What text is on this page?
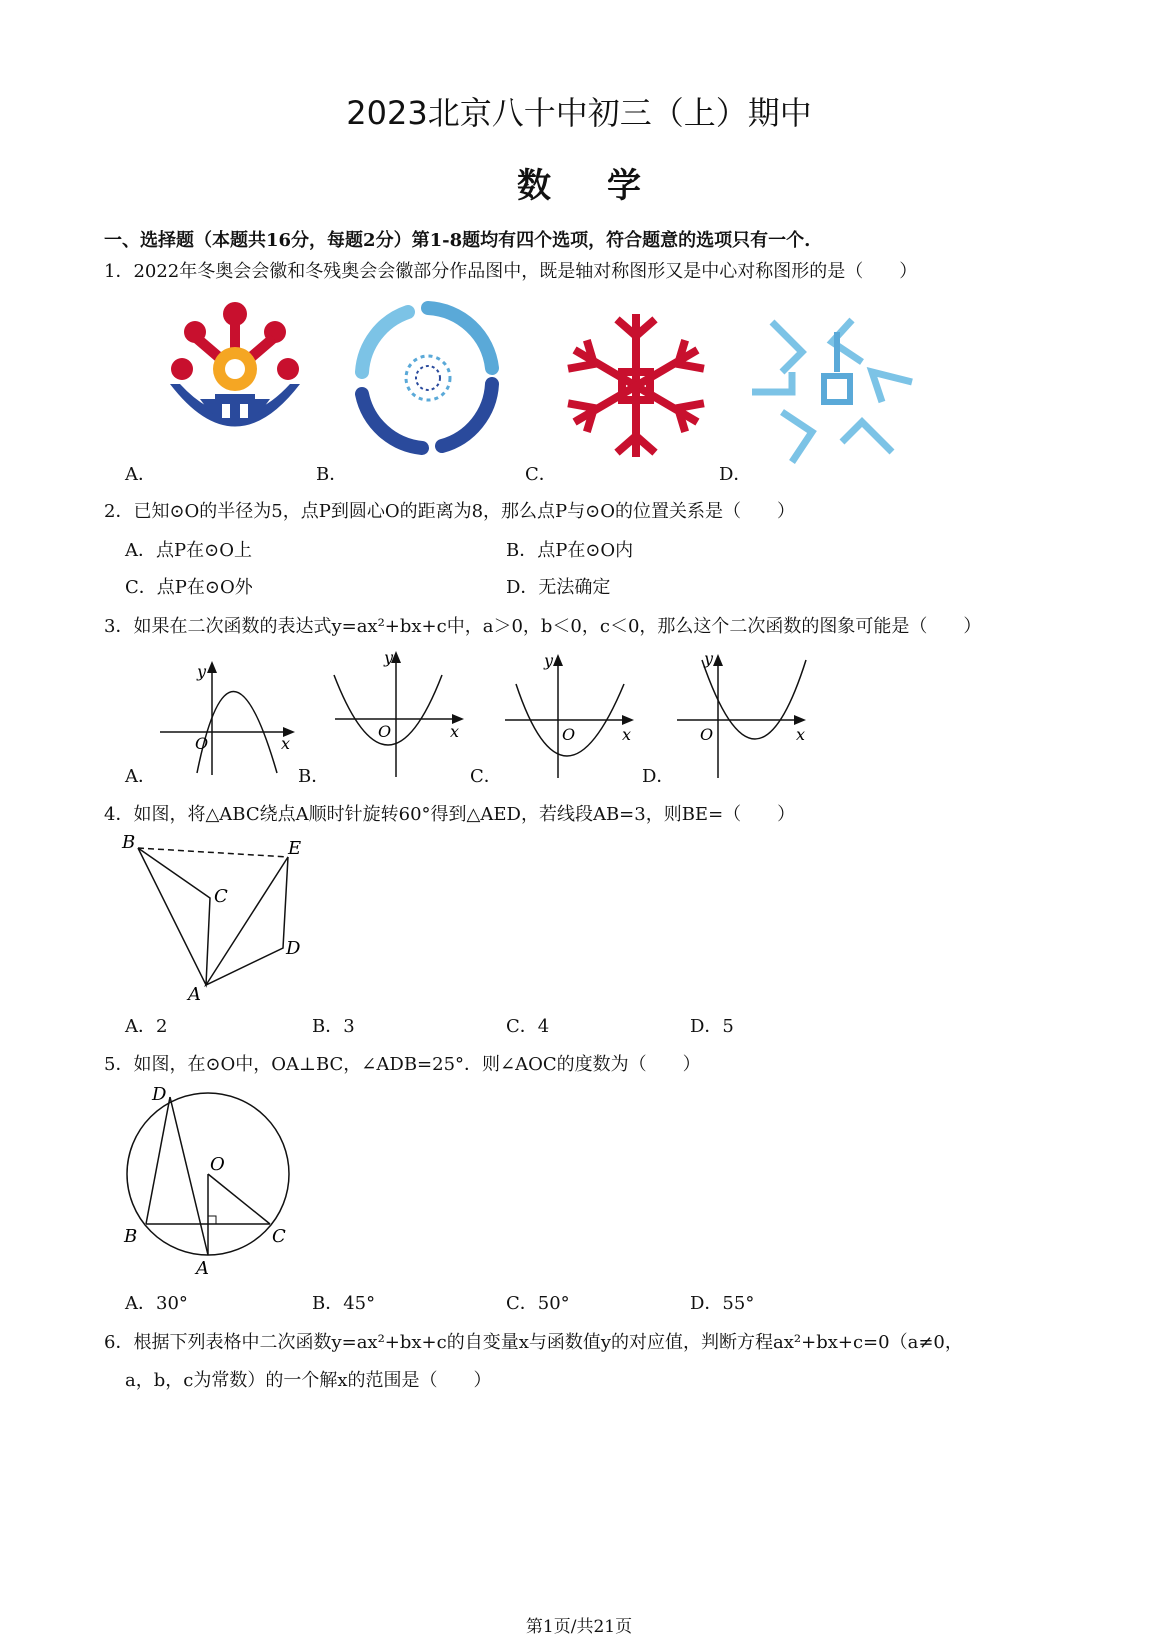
2023北京八十中初三（上）期中
数学
一、选择题（本题共16分，每题2分）第1-8题均有四个选项，符合题意的选项只有一个.
1．2022年冬奥会会徽和冬残奥会会徽部分作品图中，既是轴对称图形又是中心对称图形的是（　　）
A．	B．	C．	D．
2．已知⊙O的半径为5，点P到圆心O的距离为8，那么点P与⊙O的位置关系是（　　）
A．点P在⊙O上	B．点P在⊙O内
C．点P在⊙O外	D．无法确定
3．如果在二次函数的表达式y=ax²+bx+c中，a＞0，b＜0，c＜0，那么这个二次函数的图象可能是（　　）
y
O	x
y
O	x
y
O	x
y
O	x
A．	B．	C．	D．
4．如图，将△ABC绕点A顺时针旋转60°得到△AED，若线段AB=3，则BE=（　　）
B	E
C
D
A
A．2	B．3	C．4	D．5
5．如图，在⊙O中，OA⊥BC，∠ADB=25°．则∠AOC的度数为（　　）
D
O
B	C
A
A．30°	B．45°	C．50°	D．55°
6．根据下列表格中二次函数y=ax²+bx+c的自变量x与函数值y的对应值，判断方程ax²+bx+c=0（a≠0，
a，b，c为常数）的一个解x的范围是（　　）
第1页/共21页
